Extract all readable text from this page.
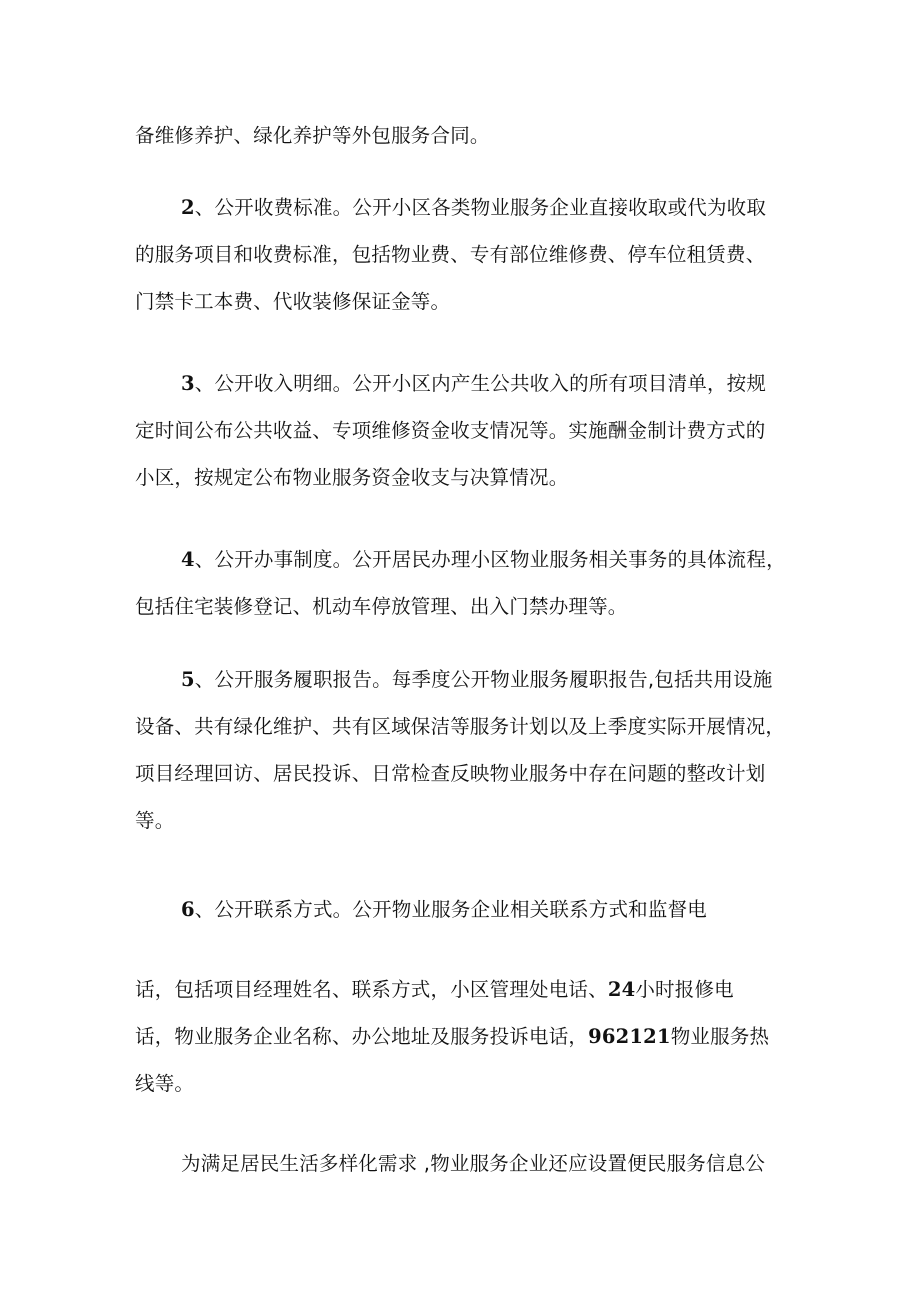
备维修养护、绿化养护等外包服务合同。

2、公开收费标准。公开小区各类物业服务企业直接收取或代为收取
的服务项目和收费标准，包括物业费、专有部位维修费、停车位租赁费、
门禁卡工本费、代收装修保证金等。

3、公开收入明细。公开小区内产生公共收入的所有项目清单，按规
定时间公布公共收益、专项维修资金收支情况等。实施酬金制计费方式的
小区，按规定公布物业服务资金收支与决算情况。

4、公开办事制度。公开居民办理小区物业服务相关事务的具体流程，
包括住宅装修登记、机动车停放管理、出入门禁办理等。

5、公开服务履职报告。每季度公开物业服务履职报告,包括共用设施
设备、共有绿化维护、共有区域保洁等服务计划以及上季度实际开展情况，
项目经理回访、居民投诉、日常检查反映物业服务中存在问题的整改计划
等。

6、公开联系方式。公开物业服务企业相关联系方式和监督电

话，包括项目经理姓名、联系方式，小区管理处电话、24小时报修电
话，物业服务企业名称、办公地址及服务投诉电话，962121物业服务热
线等。

为满足居民生活多样化需求 ,物业服务企业还应设置便民服务信息公
